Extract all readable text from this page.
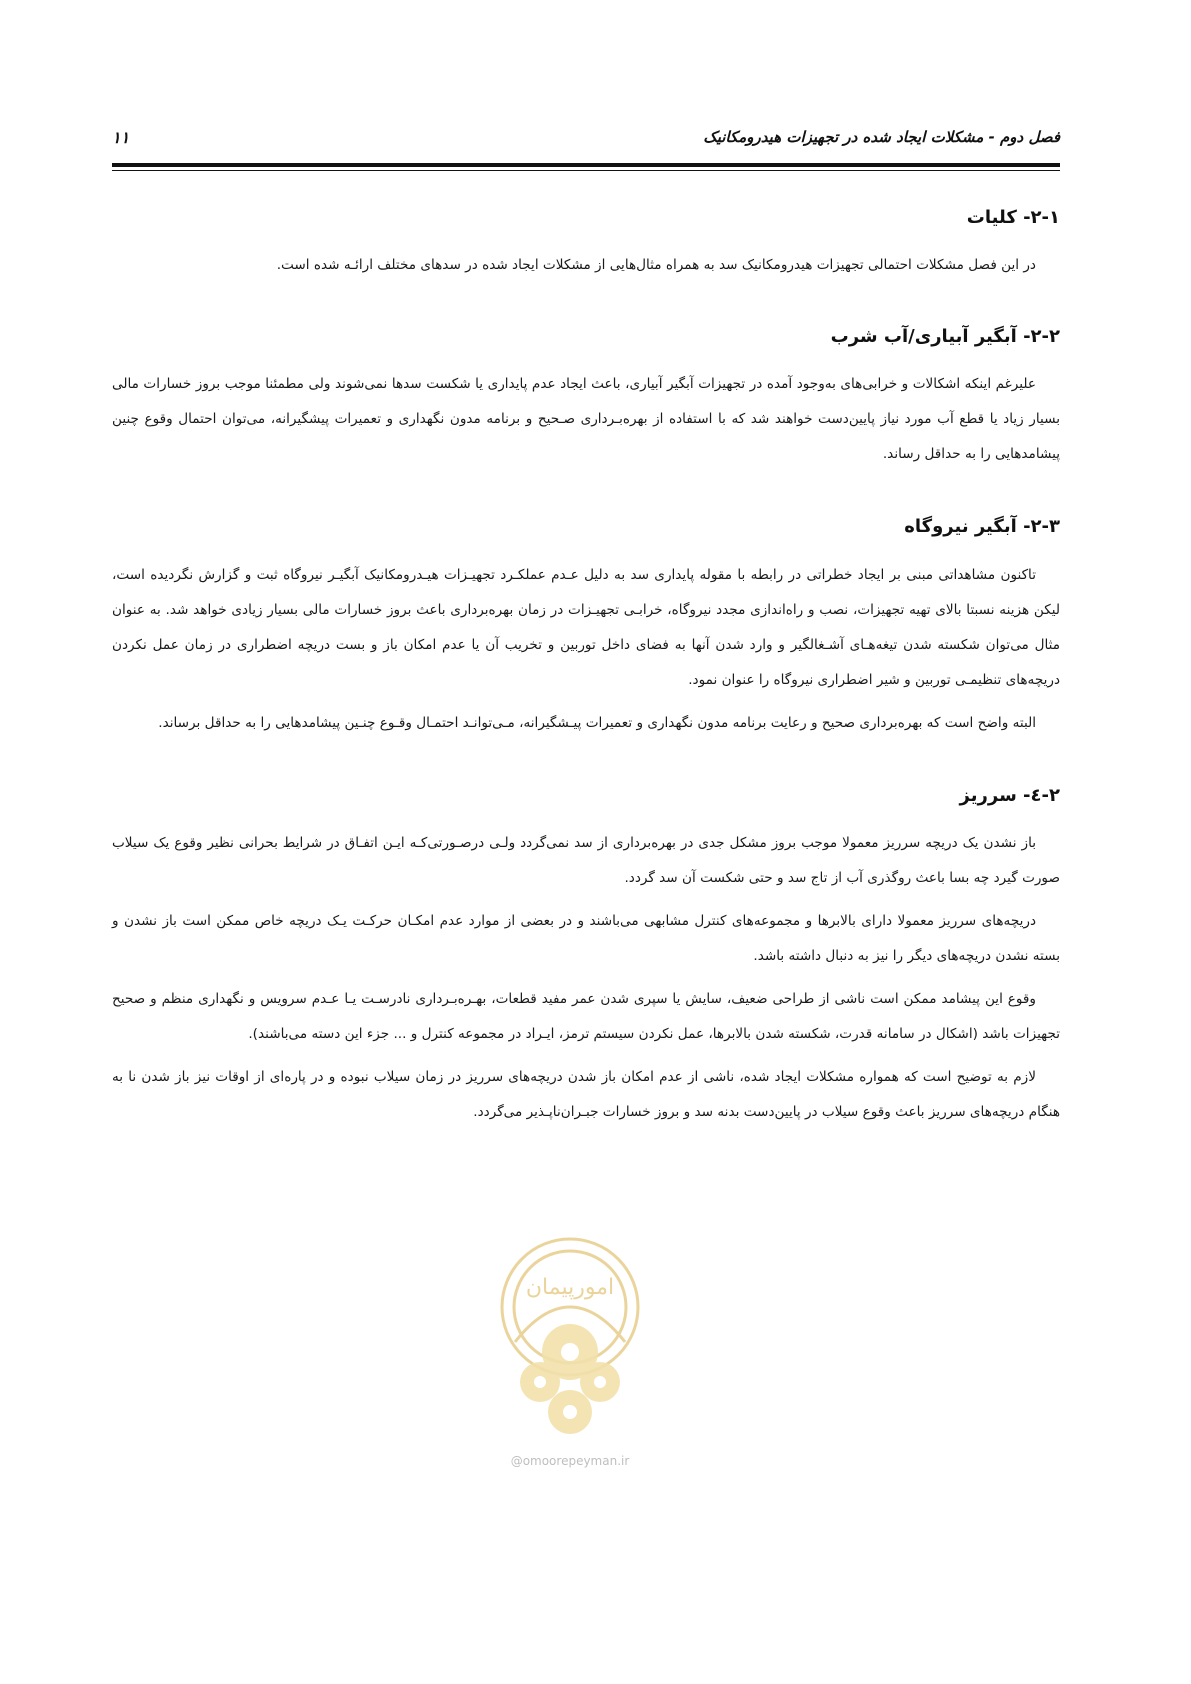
فصل دوم - مشکلات ایجاد شده در تجهیزات هیدرومکانیک
۱۱
۲-۱- کلیات

در این فصل مشکلات احتمالی تجهیزات هیدرومکانیک سد به همراه مثال‌هایی از مشکلات ایجاد شده در سدهای مختلف ارائـه شده است.

۲-۲- آبگیر آبیاری/آب شرب

علیرغم اینکه اشکالات و خرابی‌های به‌وجود آمده در تجهیزات آبگیر آبیاری، باعث ایجاد عدم پایداری یا شکست سدها نمی‌شوند ولی مطمئنا موجب بروز خسارات مالی بسیار زیاد یا قطع آب مورد نیاز پایین‌دست خواهند شد که با استفاده از بهره‌بـرداری صـحیح و برنامه مدون نگهداری و تعمیرات پیشگیرانه، می‌توان احتمال وقوع چنین پیشامدهایی را به حداقل رساند.

۲-۳- آبگیر نیروگاه

تاکنون مشاهداتی مبنی بر ایجاد خطراتی در رابطه با مقوله پایداری سد به دلیل عـدم عملکـرد تجهیـزات هیـدرومکانیک آبگیـر نیروگاه ثبت و گزارش نگردیده است، لیکن هزینه نسبتا بالای تهیه تجهیزات، نصب و راه‌اندازی مجدد نیروگاه، خرابـی تجهیـزات در زمان بهره‌برداری باعث بروز خسارات مالی بسیار زیادی خواهد شد. به عنوان مثال می‌توان شکسته شدن تیغه‌هـای آشـغالگیر و وارد شدن آنها به فضای داخل توربین و تخریب آن یا عدم امکان باز و بست دریچه اضطراری در زمان عمل نکردن دریچه‌های تنظیمـی توربین و شیر اضطراری نیروگاه را عنوان نمود.

البته واضح است که بهره‌برداری صحیح و رعایت برنامه مدون نگهداری و تعمیرات پیـشگیرانه، مـی‌توانـد احتمـال وقـوع چنـین پیشامدهایی را به حداقل برساند.

۲-٤- سرریز

باز نشدن یک دریچه سرریز معمولا موجب بروز مشکل جدی در بهره‌برداری از سد نمی‌گردد ولـی درصـورتی‌کـه ایـن اتفـاق در شرایط بحرانی نظیر وقوع یک سیلاب صورت گیرد چه بسا باعث روگذری آب از تاج سد و حتی شکست آن سد گردد.

دریچه‌های سرریز معمولا دارای بالابرها و مجموعه‌های کنترل مشابهی می‌باشند و در بعضی از موارد عدم امکـان حرکـت یـک دریچه خاص ممکن است باز نشدن و بسته نشدن دریچه‌های دیگر را نیز به دنبال داشته باشد.

وقوع این پیشامد ممکن است ناشی از طراحی ضعیف، سایش یا سپری شدن عمر مفید قطعات، بهـره‌بـرداری نادرسـت یـا عـدم سرویس و نگهداری منظم و صحیح تجهیزات باشد (اشکال در سامانه قدرت، شکسته شدن بالابرها، عمل نکردن سیستم ترمز، ایـراد در مجموعه کنترل و ... جزء این دسته می‌باشند).

لازم به توضیح است که همواره مشکلات ایجاد شده، ناشی از عدم امکان باز شدن دریچه‌های سرریز در زمان سیلاب نبوده و در پاره‌ای از اوقات نیز باز شدن نا به هنگام دریچه‌های سرریز باعث وقوع سیلاب در پایین‌دست بدنه سد و بروز خسارات جبـران‌ناپـذیر می‌گردد.

امورپیمان
@omoorepeyman.ir
